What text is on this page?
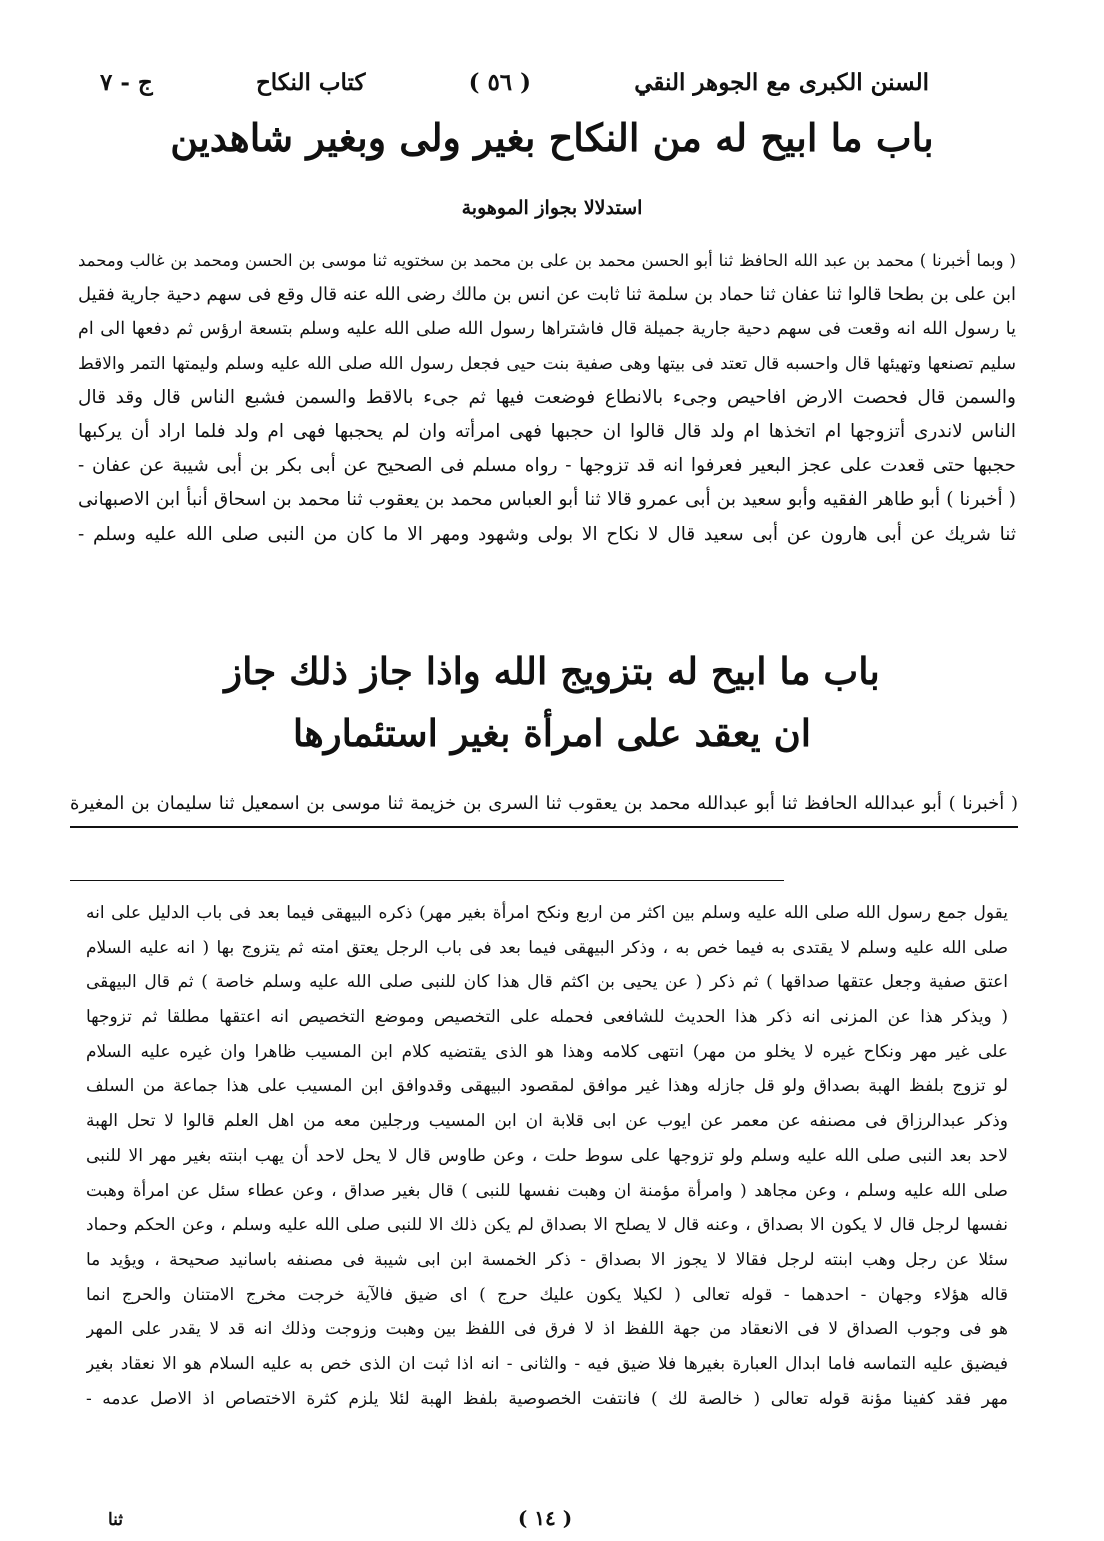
السنن الكبرى مع الجوهر النقي
( ٥٦ )
كتاب النكاح
ج - ٧
باب ما ابيح له من النكاح بغير ولى وبغير شاهدين
استدلالا بجواز الموهوبة
( وبما أخبرنا ) محمد بن عبد الله الحافظ ثنا أبو الحسن محمد بن على بن محمد بن سختويه ثنا موسى بن الحسن ومحمد بن غالب ومحمد
ابن على بن بطحا قالوا ثنا عفان ثنا حماد بن سلمة ثنا ثابت عن انس بن مالك رضى الله عنه قال وقع فى سهم دحية جارية فقيل
يا رسول الله انه وقعت فى سهم دحية جارية جميلة قال فاشتراها رسول الله صلى الله عليه وسلم بتسعة ارؤس ثم دفعها الى ام
سليم تصنعها وتهيئها قال واحسبه قال تعتد فى بيتها وهى صفية بنت حيى فجعل رسول الله صلى الله عليه وسلم وليمتها التمر والاقط
والسمن قال فحصت الارض افاحيص وجىء بالانطاع فوضعت فيها ثم جىء بالاقط والسمن فشبع الناس قال وقد قال
الناس لاندرى أتزوجها ام اتخذها ام ولد قال قالوا ان حجبها فهى امرأته وان لم يحجبها فهى ام ولد فلما اراد أن يركبها
حجبها حتى قعدت على عجز البعير فعرفوا انه قد تزوجها - رواه مسلم فى الصحيح عن أبى بكر بن أبى شيبة عن عفان -
( أخبرنا ) أبو طاهر الفقيه وأبو سعيد بن أبى عمرو قالا ثنا أبو العباس محمد بن يعقوب ثنا محمد بن اسحاق أنبأ ابن الاصبهانى
ثنا شريك عن أبى هارون عن أبى سعيد قال لا نكاح الا بولى وشهود ومهر الا ما كان من النبى صلى الله عليه وسلم -
باب ما ابيح له بتزويج الله واذا جاز ذلك جاز
ان يعقد على امرأة بغير استئمارها
( أخبرنا ) أبو عبدالله الحافظ ثنا أبو عبدالله محمد بن يعقوب ثنا السرى بن خزيمة ثنا موسى بن اسمعيل ثنا سليمان بن المغيرة
يقول جمع رسول الله صلى الله عليه وسلم بين اكثر من اربع ونكح امرأة بغير مهر) ذكره البيهقى فيما بعد فى باب الدليل على انه
صلى الله عليه وسلم لا يقتدى به فيما خص به ، وذكر البيهقى فيما بعد فى باب الرجل يعتق امته ثم يتزوج بها ( انه عليه السلام
اعتق صفية وجعل عتقها صداقها ) ثم ذكر ( عن يحيى بن اكثم قال هذا كان للنبى صلى الله عليه وسلم خاصة ) ثم قال البيهقى
( ويذكر هذا عن المزنى انه ذكر هذا الحديث للشافعى فحمله على التخصيص وموضع التخصيص انه اعتقها مطلقا ثم تزوجها
على غير مهر ونكاح غيره لا يخلو من مهر) انتهى كلامه وهذا هو الذى يقتضيه كلام ابن المسيب ظاهرا وان غيره عليه السلام
لو تزوج بلفظ الهبة بصداق ولو قل جازله وهذا غير موافق لمقصود البيهقى وقدوافق ابن المسيب على هذا جماعة من السلف
وذكر عبدالرزاق فى مصنفه عن معمر عن ايوب عن ابى قلابة ان ابن المسيب ورجلين معه من اهل العلم قالوا لا تحل الهبة
لاحد بعد النبى صلى الله عليه وسلم ولو تزوجها على سوط حلت ، وعن طاوس قال لا يحل لاحد أن يهب ابنته بغير مهر الا للنبى
صلى الله عليه وسلم ، وعن مجاهد ( وامرأة مؤمنة ان وهبت نفسها للنبى ) قال بغير صداق ، وعن عطاء سئل عن امرأة وهبت
نفسها لرجل قال لا يكون الا بصداق ، وعنه قال لا يصلح الا بصداق لم يكن ذلك الا للنبى صلى الله عليه وسلم ، وعن الحكم وحماد
سئلا عن رجل وهب ابنته لرجل فقالا لا يجوز الا بصداق - ذكر الخمسة ابن ابى شيبة فى مصنفه باسانيد صحيحة ، ويؤيد ما
قاله هؤلاء وجهان - احدهما - قوله تعالى ( لكيلا يكون عليك حرج ) اى ضيق فالآية خرجت مخرج الامتنان والحرج انما
هو فى وجوب الصداق لا فى الانعقاد من جهة اللفظ اذ لا فرق فى اللفظ بين وهبت وزوجت وذلك انه قد لا يقدر على المهر
فيضيق عليه التماسه فاما ابدال العبارة بغيرها فلا ضيق فيه - والثانى - انه اذا ثبت ان الذى خص به عليه السلام هو الا نعقاد بغير
مهر فقد كفينا مؤنة قوله تعالى ( خالصة لك ) فانتفت الخصوصية بلفظ الهبة لئلا يلزم كثرة الاختصاص اذ الاصل عدمه -
( ١٤ )
ثنا
